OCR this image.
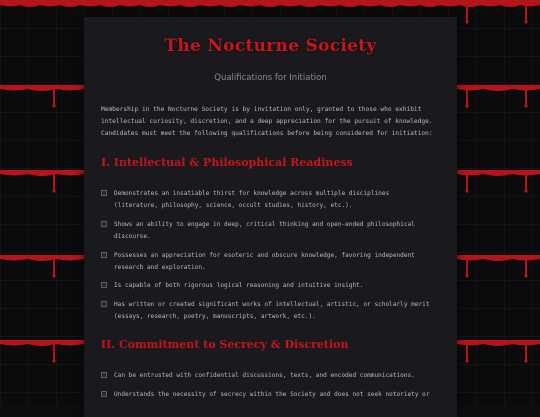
The Nocturne Society
Qualifications for Initiation
Membership in the Nocturne Society is by invitation only, granted to those who exhibit intellectual curiosity, discretion, and a deep appreciation for the pursuit of knowledge. Candidates must meet the following qualifications before being considered for initiation:
I. Intellectual & Philosophical Readiness
Demonstrates an insatiable thirst for knowledge across multiple disciplines (literature, philosophy, science, occult studies, history, etc.).
Shows an ability to engage in deep, critical thinking and open-ended philosophical discourse.
Possesses an appreciation for esoteric and obscure knowledge, favoring independent research and exploration.
Is capable of both rigorous logical reasoning and intuitive insight.
Has written or created significant works of intellectual, artistic, or scholarly merit (essays, research, poetry, manuscripts, artwork, etc.).
II. Commitment to Secrecy & Discretion
Can be entrusted with confidential discussions, texts, and encoded communications.
Understands the necessity of secrecy within the Society and does not seek notoriety or
